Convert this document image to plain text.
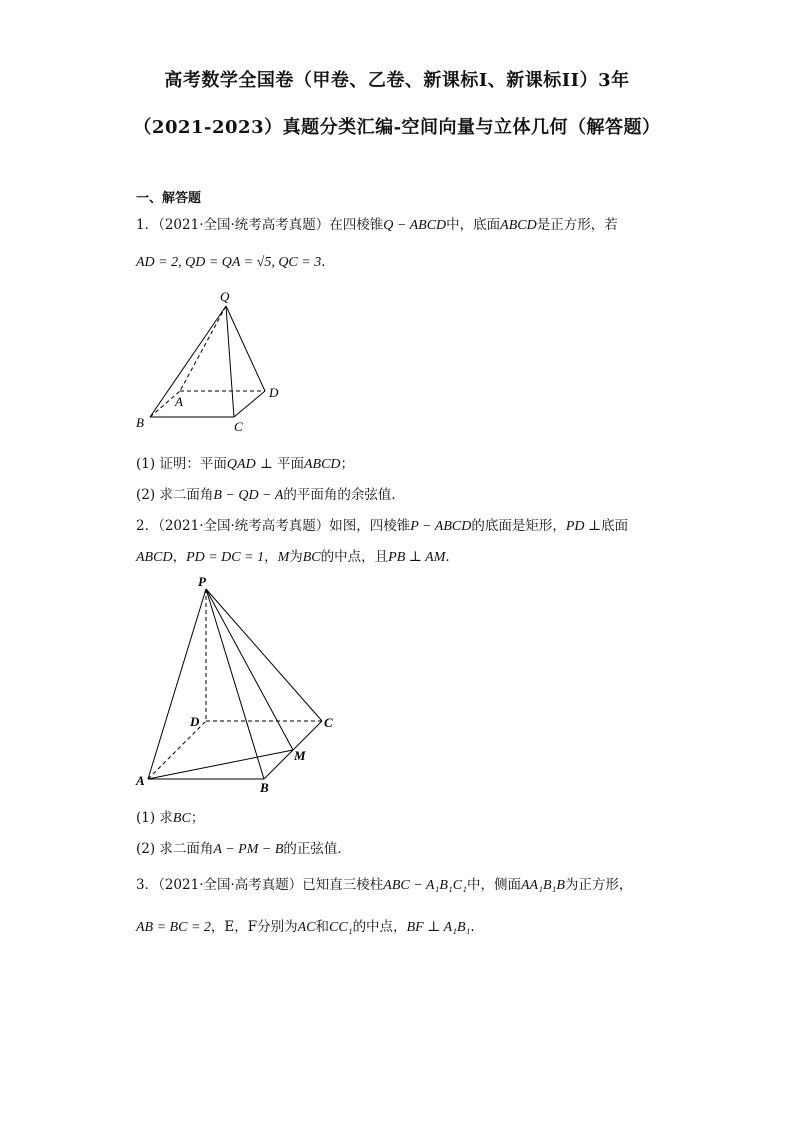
高考数学全国卷（甲卷、乙卷、新课标I、新课标II）3年
（2021-2023）真题分类汇编-空间向量与立体几何（解答题）
一、解答题
1．（2021·全国·统考高考真题）在四棱锥Q − ABCD中，底面ABCD是正方形，若
AD = 2, QD = QA = √5, QC = 3．
Q
A
B	C
D
(1) 证明：平面QAD ⊥ 平面ABCD；
(2) 求二面角B − QD − A的平面角的余弦值．
2．（2021·全国·统考高考真题）如图，四棱锥P − ABCD的底面是矩形，PD ⊥底面
ABCD，PD = DC = 1，M为BC的中点，且PB ⊥ AM．
P
D	C
M
A	B
(1) 求BC；
(2) 求二面角A − PM − B的正弦值．
3．（2021·全国·高考真题）已知直三棱柱ABC − A₁B₁C₁中，侧面AA₁B₁B为正方形，
AB = BC = 2，E，F分别为AC和CC₁的中点，BF ⊥ A₁B₁.
